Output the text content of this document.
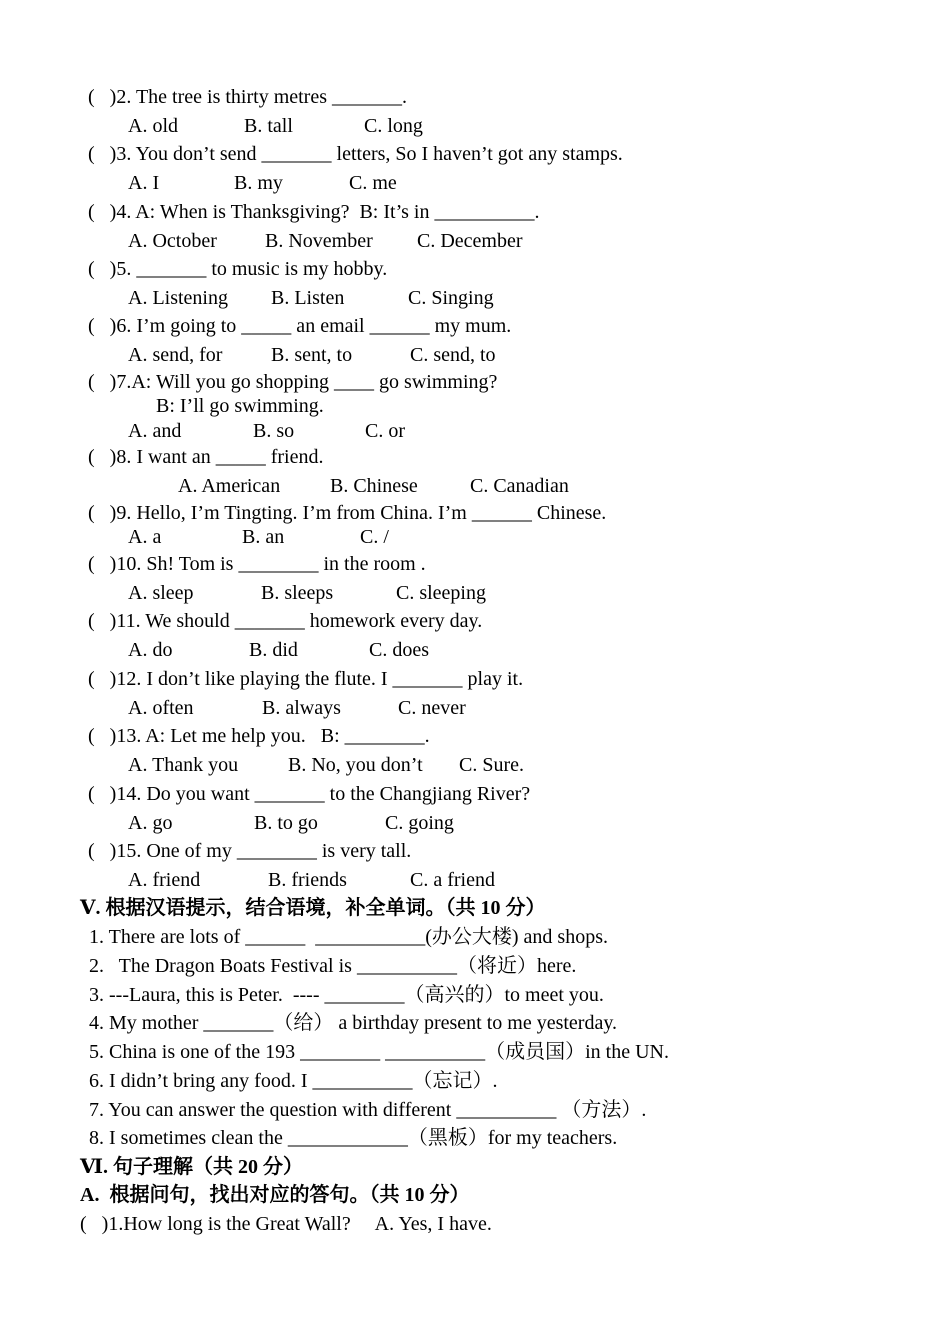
(   )2. The tree is thirty metres _______.
A. old	B. tall	C. long
(   )3. You don’t send _______ letters, So I haven’t got any stamps.
A. I	B. my	C. me
(   )4. A: When is Thanksgiving?  B: It’s in __________.
A. October B. November C. December
(   )5. _______ to music is my hobby.
A. Listening B. Listen	C. Singing
(   )6. I’m going to _____ an email ______ my mum.
A. send, for B. sent, to	C. send, to
(   )7.A: Will you go shopping ____ go swimming?
B: I’ll go swimming.
A. and	B. so	C. or
(   )8. I want an _____ friend.
A. American B. Chinese	C. Canadian
(   )9. Hello, I’m Tingting. I’m from China. I’m ______ Chinese.
A. a	B. an	C. /
(   )10. Sh! Tom is ________ in the room .
A. sleep	B. sleeps	C. sleeping
(   )11. We should _______ homework every day.
A. do	B. did	C. does
(   )12. I don’t like playing the flute. I _______ play it.
A. often	B. always	C. never
(   )13. A: Let me help you.   B: ________.
A. Thank you B. No, you don’t C. Sure.
(   )14. Do you want _______ to the Changjiang River?
A. go	B. to go	C. going
(   )15. One of my ________ is very tall.
A. friend	B. friends	C. a friend
Ⅴ. 根据汉语提示，结合语境，补全单词。（共 10 分）
1. There are lots of ______  ___________(办公大楼) and shops.
2.   The Dragon Boats Festival is __________（将近）here.
3. ---Laura, this is Peter.  ---- ________（高兴的）to meet you.
4. My mother _______（给） a birthday present to me yesterday.
5. China is one of the 193 ________ __________（成员国）in the UN.
6. I didn’t bring any food. I __________（忘记）.
7. You can answer the question with different __________ （方法）.
8. I sometimes clean the ____________（黑板）for my teachers.
Ⅵ. 句子理解（共 20 分）
A.  根据问句，找出对应的答句。（共 10 分）
(   )1.How long is the Great Wall?     A. Yes, I have.
